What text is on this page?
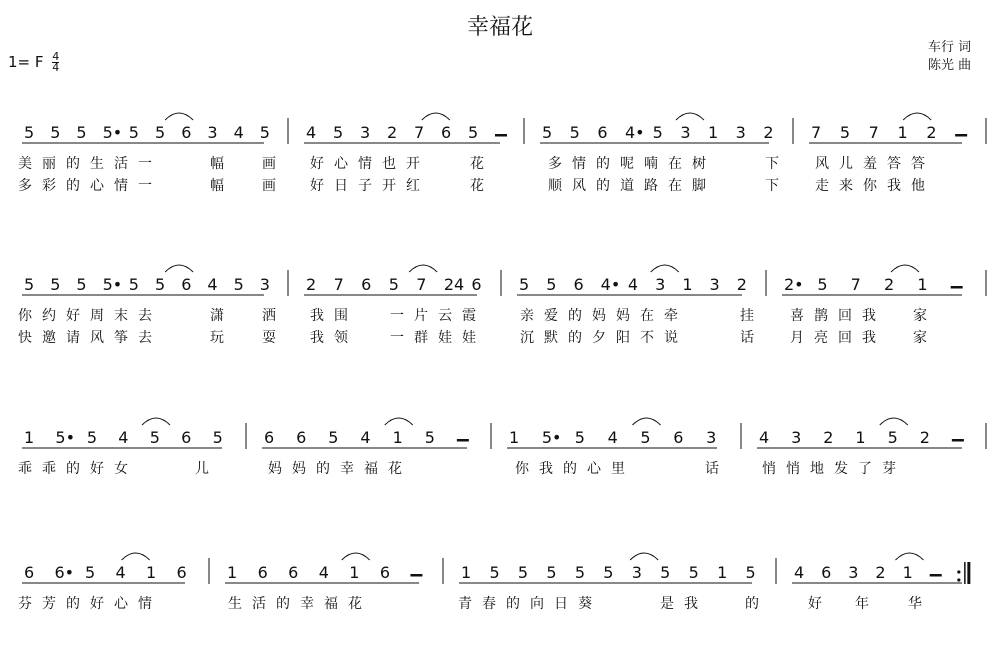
幸福花
1= F $\frac{4}{4}$
车行 词
陈光 曲
5 5 5 5• 5 5 6 3 4 5 4 5 3 2 7 6 5	5 5 6 4• 5 3 1 3 2 7 5 7 1 2
美丽的生活一	幅 画 好心情也开	花	多情的呢喃在树	下 风儿羞答答
多彩的心情一	幅 画 好日子开红	花	顺风的道路在脚	下 走来你我他
5 5 5 5• 5 5 6 4 5 3 2 7 6 5 7 24 6 5 5 6 4• 4 3 1 3 2 2• 5 7 2 1
你约好周末去	潇 洒 我围 一片云霞 亲爱的妈妈在牵	挂 喜鹊回我 家
快邀请风筝去	玩 耍 我领 一群娃娃 沉默的夕阳不说	话 月亮回我 家
1 5• 5 4 5 6 5	6 6 5 4 1 5	1 5• 5 4 5 6 3	4 3 2 1 5 2
乖乖的好女	儿	妈妈的幸福花	你我的心里	话 悄悄地发了芽
6 6• 5 4 1 6	1 6 6 4 1 6	1 5 5 5 5 5 3 5 5 1 5 4 6 3 2 1
芬芳的好心情	生活的幸福花	青春的向日葵	是我	的	好 年 华
